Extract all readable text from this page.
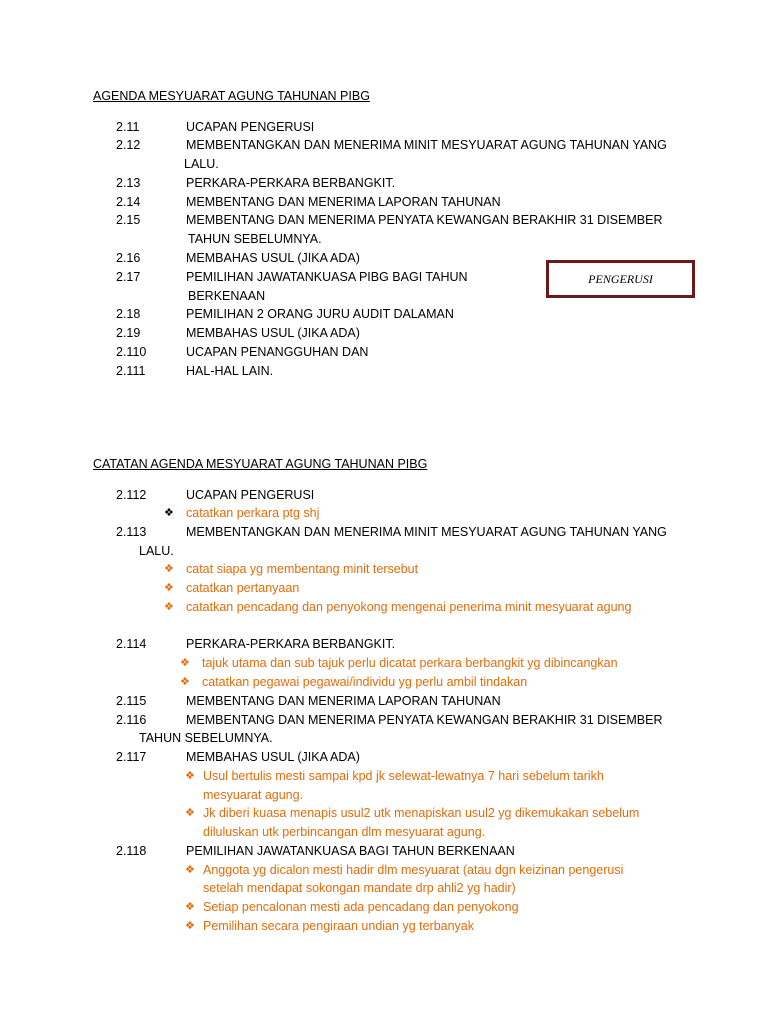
AGENDA MESYUARAT AGUNG TAHUNAN PIBG
2.11	UCAPAN PENGERUSI
2.12	MEMBENTANGKAN DAN MENERIMA MINIT MESYUARAT AGUNG TAHUNAN YANG
LALU.
2.13	PERKARA-PERKARA BERBANGKIT.
2.14	MEMBENTANG DAN MENERIMA LAPORAN TAHUNAN
2.15	MEMBENTANG DAN MENERIMA PENYATA KEWANGAN BERAKHIR 31 DISEMBER
TAHUN SEBELUMNYA.
2.16	MEMBAHAS USUL (JIKA ADA)
2.17	PEMILIHAN JAWATANKUASA PIBG BAGI TAHUN
BERKENAAN
2.18	PEMILIHAN 2 ORANG JURU AUDIT DALAMAN
2.19	MEMBAHAS USUL (JIKA ADA)
2.110	UCAPAN PENANGGUHAN DAN
2.111	HAL-HAL LAIN.
PENGERUSI
CATATAN AGENDA MESYUARAT AGUNG TAHUNAN PIBG
2.112	UCAPAN PENGERUSI
❖ catatkan perkara ptg shj
2.113	MEMBENTANGKAN DAN MENERIMA MINIT MESYUARAT AGUNG TAHUNAN YANG
LALU.
❖ catat siapa yg membentang minit tersebut
❖ catatkan pertanyaan
❖ catatkan pencadang dan penyokong mengenai penerima minit mesyuarat agung
2.114	PERKARA-PERKARA BERBANGKIT.
❖ tajuk utama dan sub tajuk perlu dicatat perkara berbangkit yg dibincangkan
❖ catatkan pegawai pegawai/individu yg perlu ambil tindakan
2.115	MEMBENTANG DAN MENERIMA LAPORAN TAHUNAN
2.116	MEMBENTANG DAN MENERIMA PENYATA KEWANGAN BERAKHIR 31 DISEMBER
TAHUN SEBELUMNYA.
2.117	MEMBAHAS USUL (JIKA ADA)
❖ Usul bertulis mesti sampai kpd jk selewat-lewatnya 7 hari sebelum tarikh
mesyuarat agung.
❖ Jk diberi kuasa menapis usul2 utk menapiskan usul2 yg dikemukakan sebelum
diluluskan utk perbincangan dlm mesyuarat agung.
2.118	PEMILIHAN JAWATANKUASA BAGI TAHUN BERKENAAN
❖ Anggota yg dicalon mesti hadir dlm mesyuarat (atau dgn keizinan pengerusi
setelah mendapat sokongan mandate drp ahli2 yg hadir)
❖ Setiap pencalonan mesti ada pencadang dan penyokong
❖ Pemilihan secara pengiraan undian yg terbanyak
